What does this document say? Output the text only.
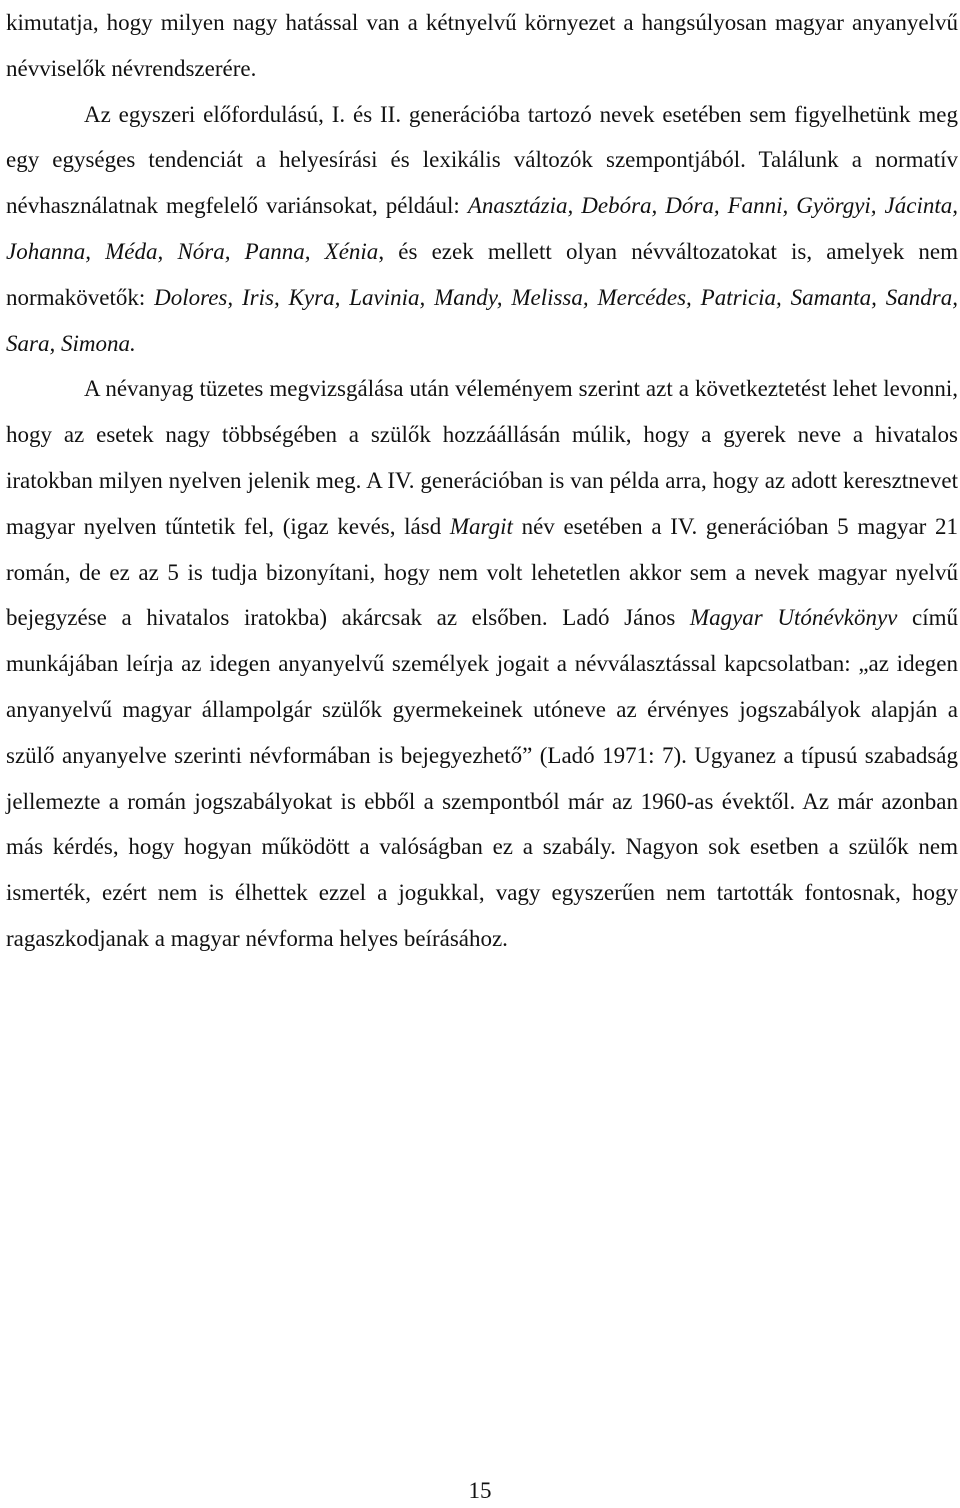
kimutatja, hogy milyen nagy hatással van a kétnyelvű környezet a hangsúlyosan magyar anyanyelvű névviselők névrendszerére.

Az egyszeri előfordulású, I. és II. generációba tartozó nevek esetében sem figyelhetünk meg egy egységes tendenciát a helyesírási és lexikális változók szempontjából. Találunk a normatív névhasználatnak megfelelő variánsokat, például: Anasztázia, Debóra, Dóra, Fanni, Györgyi, Jácinta, Johanna, Méda, Nóra, Panna, Xénia, és ezek mellett olyan névváltozatokat is, amelyek nem normakövetők: Dolores, Iris, Kyra, Lavinia, Mandy, Melissa, Mercédes, Patricia, Samanta, Sandra, Sara, Simona.

A névanyag tüzetes megvizsgálása után véleményem szerint azt a következtetést lehet levonni, hogy az esetek nagy többségében a szülők hozzáállásán múlik, hogy a gyerek neve a hivatalos iratokban milyen nyelven jelenik meg. A IV. generációban is van példa arra, hogy az adott keresztnevet magyar nyelven tűntetik fel, (igaz kevés, lásd Margit név esetében a IV. generációban 5 magyar 21 román, de ez az 5 is tudja bizonyítani, hogy nem volt lehetetlen akkor sem a nevek magyar nyelvű bejegyzése a hivatalos iratokba) akárcsak az elsőben. Ladó János Magyar Utónévkönyv című munkájában leírja az idegen anyanyelvű személyek jogait a névválasztással kapcsolatban: „az idegen anyanyelvű magyar állampolgár szülők gyermekeinek utóneve az érvényes jogszabályok alapján a szülő anyanyelve szerinti névformában is bejegyezhető” (Ladó 1971: 7). Ugyanez a típusú szabadság jellemezte a román jogszabályokat is ebből a szempontból már az 1960-as évektől. Az már azonban más kérdés, hogy hogyan működött a valóságban ez a szabály. Nagyon sok esetben a szülők nem ismerték, ezért nem is élhettek ezzel a jogukkal, vagy egyszerűen nem tartották fontosnak, hogy ragaszkodjanak a magyar névforma helyes beírásához.

15
